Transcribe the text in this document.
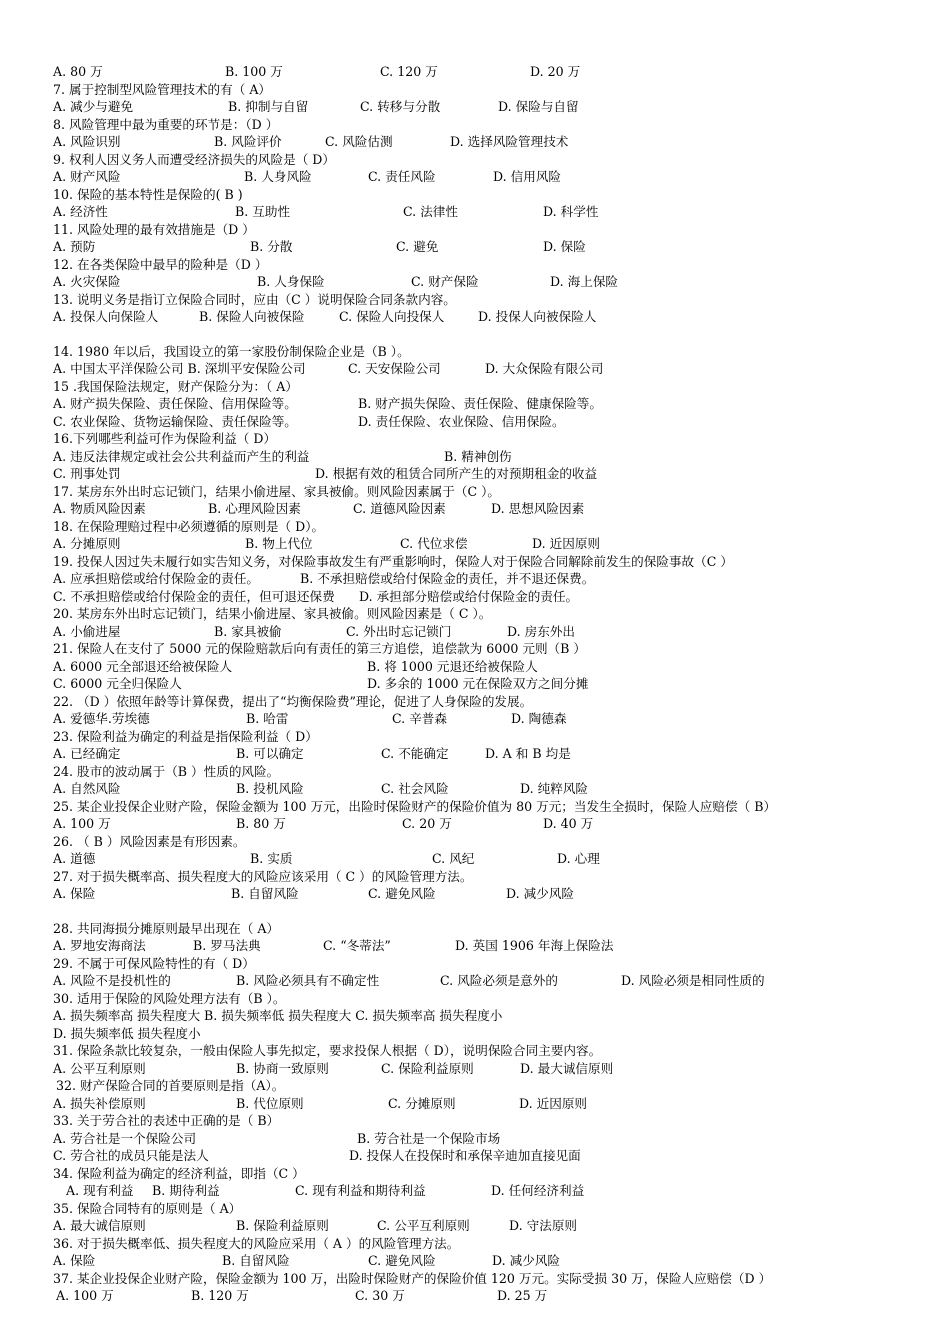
A. 80 万	B. 100 万	C. 120 万	D. 20 万
7. 属于控制型风险管理技术的有（ A）
A. 减少与避免	B. 抑制与自留	C. 转移与分散	D. 保险与自留
8. 风险管理中最为重要的环节是：（D ）
A. 风险识别	B. 风险评价	C. 风险估测	D. 选择风险管理技术
9. 权利人因义务人而遭受经济损失的风险是（ D）
A. 财产风险	B. 人身风险	C. 责任风险	D. 信用风险
10. 保险的基本特性是保险的( B )
A. 经济性	B. 互助性	C. 法律性	D. 科学性
11. 风险处理的最有效措施是（D ）
A. 预防	B. 分散	C. 避免	D. 保险
12. 在各类保险中最早的险种是（D ）
A. 火灾保险	B. 人身保险	C. 财产保险	D. 海上保险
13. 说明义务是指订立保险合同时，应由（C ）说明保险合同条款内容。
A. 投保人向保险人	B. 保险人向被保险	C. 保险人向投保人	D. 投保人向被保险人
14. 1980 年以后，我国设立的第一家股份制保险企业是（B ）。
A. 中国太平洋保险公司 B. 深圳平安保险公司	C. 天安保险公司	D. 大众保险有限公司
15 .我国保险法规定，财产保险分为：（ A）
A. 财产损失保险、责任保险、信用保险等。	B. 财产损失保险、责任保险、健康保险等。
C. 农业保险、货物运输保险、责任保险等。	D. 责任保险、农业保险、信用保险。
16.下列哪些利益可作为保险利益（ D）
A. 违反法律规定或社会公共利益而产生的利益	B. 精神创伤
C. 刑事处罚	D. 根据有效的租赁合同所产生的对预期租金的收益
17. 某房东外出时忘记锁门，结果小偷进屋、家具被偷。则风险因素属于（C ）。
A. 物质风险因素	B. 心理风险因素	C. 道德风险因素	D. 思想风险因素
18. 在保险理赔过程中必须遵循的原则是（ D）。
A. 分摊原则	B. 物上代位	C. 代位求偿	D. 近因原则
19. 投保人因过失未履行如实告知义务，对保险事故发生有严重影响时，保险人对于保险合同解除前发生的保险事故（C ）
A. 应承担赔偿或给付保险金的责任。	B. 不承担赔偿或给付保险金的责任，并不退还保费。
C. 不承担赔偿或给付保险金的责任，但可退还保费 D. 承担部分赔偿或给付保险金的责任。
20. 某房东外出时忘记锁门，结果小偷进屋、家具被偷。则风险因素是（ C ）。
A. 小偷进屋	B. 家具被偷	C. 外出时忘记锁门	D. 房东外出
21. 保险人在支付了 5000 元的保险赔款后向有责任的第三方追偿，追偿款为 6000 元则（B ）
A. 6000 元全部退还给被保险人	B. 将 1000 元退还给被保险人
C. 6000 元全归保险人	D. 多余的 1000 元在保险双方之间分摊
22. （D ）依照年龄等计算保费，提出了“均衡保险费”理论，促进了人身保险的发展。
A. 爱德华.劳埃德	B. 哈雷	C. 辛普森	D. 陶德森
23. 保险利益为确定的利益是指保险利益（ D）
A. 已经确定	B. 可以确定	C. 不能确定	D. A 和 B 均是
24. 股市的波动属于（B ）性质的风险。
A. 自然风险	B. 投机风险	C. 社会风险	D. 纯粹风险
25. 某企业投保企业财产险，保险金额为 100 万元，出险时保险财产的保险价值为 80 万元；当发生全损时，保险人应赔偿（ B）
A. 100 万	B. 80 万	C. 20 万	D. 40 万
26. （ B ）风险因素是有形因素。
A. 道德	B. 实质	C. 风纪	D. 心理
27. 对于损失概率高、损失程度大的风险应该采用（ C ）的风险管理方法。
A. 保险	B. 自留风险	C. 避免风险	D. 减少风险
28. 共同海损分摊原则最早出现在（ A）
A. 罗地安海商法	B. 罗马法典	C. “冬蒂法”	D. 英国 1906 年海上保险法
29. 不属于可保风险特性的有（ D）
A. 风险不是投机性的	B. 风险必须具有不确定性	C. 风险必须是意外的	D. 风险必须是相同性质的
30. 适用于保险的风险处理方法有（B ）。
A. 损失频率高 损失程度大 B. 损失频率低 损失程度大 C. 损失频率高 损失程度小
D. 损失频率低 损失程度小
31. 保险条款比较复杂，一般由保险人事先拟定，要求投保人根据（ D），说明保险合同主要内容。
A. 公平互利原则	B. 协商一致原则	C. 保险利益原则	D. 最大诚信原则
32. 财产保险合同的首要原则是指（A）。
A. 损失补偿原则	B. 代位原则	C. 分摊原则	D. 近因原则
33. 关于劳合社的表述中正确的是（ B）
A. 劳合社是一个保险公司	B. 劳合社是一个保险市场
C. 劳合社的成员只能是法人	D. 投保人在投保时和承保辛迪加直接见面
34. 保险利益为确定的经济利益，即指（C ）
A. 现有利益 B. 期待利益	C. 现有利益和期待利益	D. 任何经济利益
35. 保险合同特有的原则是（ A）
A. 最大诚信原则	B. 保险利益原则	C. 公平互利原则	D. 守法原则
36. 对于损失概率低、损失程度大的风险应采用（ A ）的风险管理方法。
A. 保险	B. 自留风险	C. 避免风险	D. 减少风险
37. 某企业投保企业财产险，保险金额为 100 万，出险时保险财产的保险价值 120 万元。实际受损 30 万，保险人应赔偿（D ）
A. 100 万	B. 120 万	C. 30 万	D. 25 万
